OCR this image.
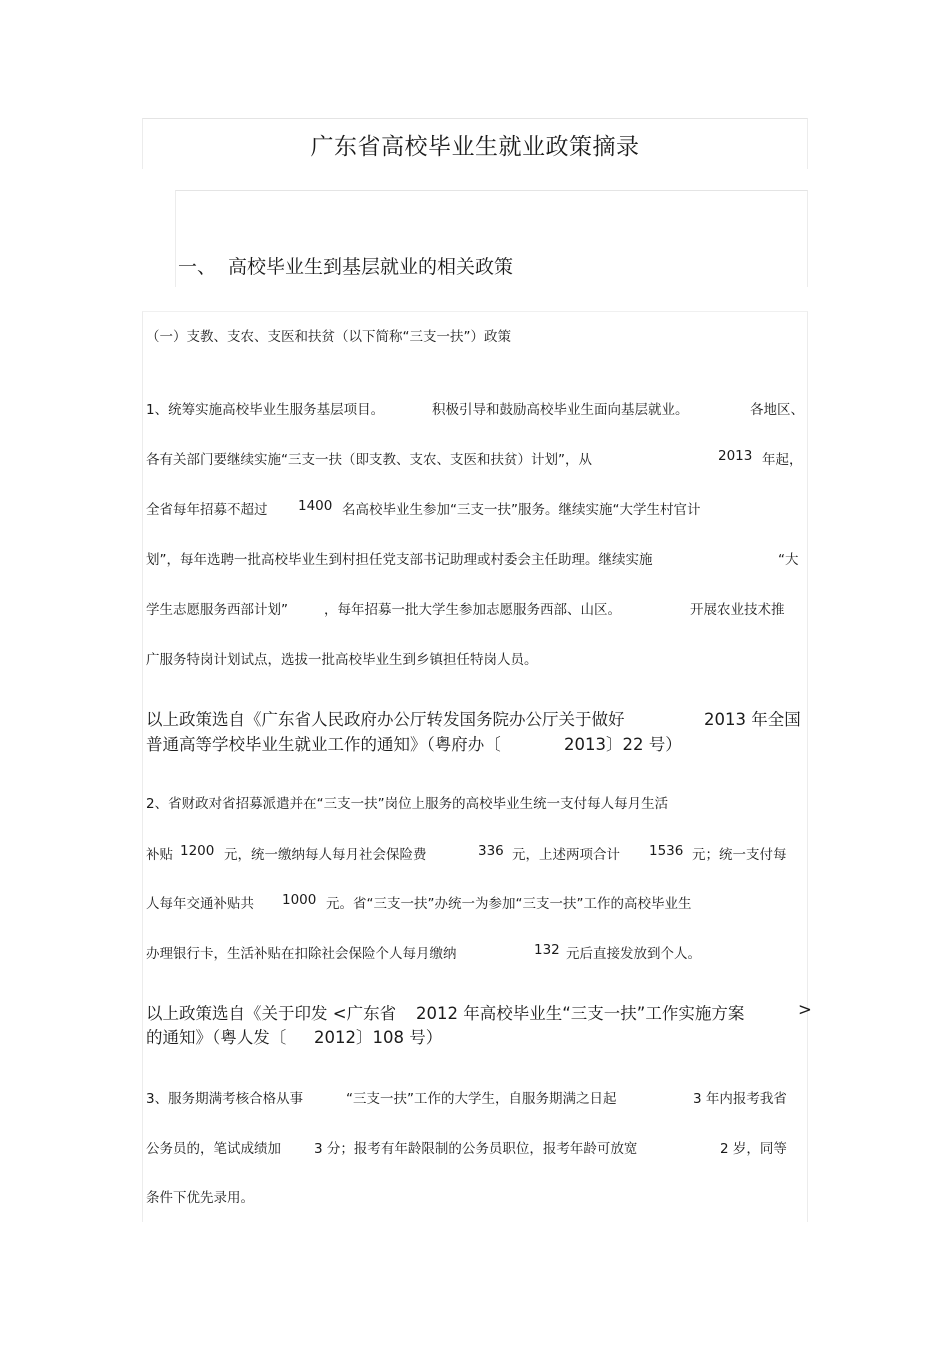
广东省高校毕业生就业政策摘录
一、 高校毕业生到基层就业的相关政策
（一）支教、支农、支医和扶贫（以下简称“三支一扶”）政策
1、统筹实施高校毕业生服务基层项目。	积极引导和鼓励高校毕业生面向基层就业。	各地区、
各有关部门要继续实施“三支一扶（即支教、支农、支医和扶贫）计划”，从	2013 年起，
全省每年招募不超过 1400 名高校毕业生参加“三支一扶”服务。继续实施“大学生村官计
划”，每年选聘一批高校毕业生到村担任党支部书记助理或村委会主任助理。继续实施	“大
学生志愿服务西部计划”	，每年招募一批大学生参加志愿服务西部、山区。	开展农业技术推
广服务特岗计划试点，选拔一批高校毕业生到乡镇担任特岗人员。
以上政策选自《广东省人民政府办公厅转发国务院办公厅关于做好	2013 年全国
普通高等学校毕业生就业工作的通知》（粤府办〔	2013〕22 号）
2、省财政对省招募派遣并在“三支一扶”岗位上服务的高校毕业生统一支付每人每月生活
补贴 1200 元，统一缴纳每人每月社会保险费	336 元，上述两项合计 1536 元；统一支付每
人每年交通补贴共 1000 元。省“三支一扶”办统一为参加“三支一扶”工作的高校毕业生
办理银行卡，生活补贴在扣除社会保险个人每月缴纳	132 元后直接发放到个人。
以上政策选自《关于印发 <广东省 2012 年高校毕业生“三支一扶”工作实施方案	>
的通知》（粤人发〔 2012〕108 号）
3、服务期满考核合格从事	“三支一扶”工作的大学生，自服务期满之日起	3 年内报考我省
公务员的，笔试成绩加 3 分；报考有年龄限制的公务员职位，报考年龄可放宽	2 岁，同等
条件下优先录用。
